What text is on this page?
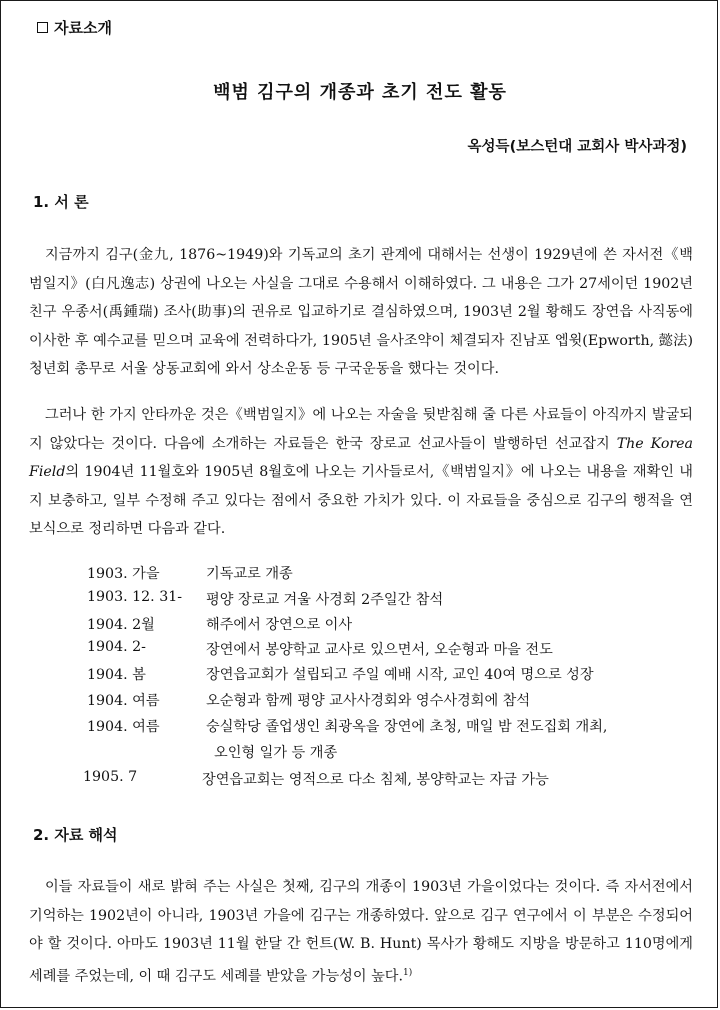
자료소개
백범 김구의 개종과 초기 전도 활동
옥성득(보스턴대 교회사 박사과정)
1. 서 론

지금까지 김구(金九, 1876~1949)와 기독교의 초기 관계에 대해서는 선생이 1929년에 쓴 자서전《백범일지》(白凡逸志) 상권에 나오는 사실을 그대로 수용해서 이해하였다. 그 내용은 그가 27세이던 1902년 친구 우종서(禹鍾瑞) 조사(助事)의 권유로 입교하기로 결심하였으며, 1903년 2월 황해도 장연읍 사직동에 이사한 후 예수교를 믿으며 교육에 전력하다가, 1905년 을사조약이 체결되자 진남포 엡윗(Epworth, 懿法) 청년회 총무로 서울 상동교회에 와서 상소운동 등 구국운동을 했다는 것이다.

그러나 한 가지 안타까운 것은《백범일지》에 나오는 자술을 뒷받침해 줄 다른 사료들이 아직까지 발굴되지 않았다는 것이다. 다음에 소개하는 자료들은 한국 장로교 선교사들이 발행하던 선교잡지 The Korea Field의 1904년 11월호와 1905년 8월호에 나오는 기사들로서,《백범일지》에 나오는 내용을 재확인 내지 보충하고, 일부 수정해 주고 있다는 점에서 중요한 가치가 있다. 이 자료들을 중심으로 김구의 행적을 연보식으로 정리하면 다음과 같다.

1903. 가을	기독교로 개종
1903. 12. 31- 평양 장로교 겨울 사경회 2주일간 참석
1904. 2월	해주에서 장연으로 이사
1904. 2-	장연에서 봉양학교 교사로 있으면서, 오순형과 마을 전도
1904. 봄	장연읍교회가 설립되고 주일 예배 시작, 교인 40여 명으로 성장
1904. 여름	오순형과 함께 평양 교사사경회와 영수사경회에 참석
1904. 여름	숭실학당 졸업생인 최광옥을 장연에 초청, 매일 밤 전도집회 개최,
오인형 일가 등 개종
1905. 7	장연읍교회는 영적으로 다소 침체, 봉양학교는 자급 가능
2. 자료 해석

이들 자료들이 새로 밝혀 주는 사실은 첫째, 김구의 개종이 1903년 가을이었다는 것이다. 즉 자서전에서 기억하는 1902년이 아니라, 1903년 가을에 김구는 개종하였다. 앞으로 김구 연구에서 이 부분은 수정되어야 할 것이다. 아마도 1903년 11월 한달 간 헌트(W. B. Hunt) 목사가 황해도 지방을 방문하고 110명에게 세례를 주었는데, 이 때 김구도 세례를 받았을 가능성이 높다.$^{1)}$
